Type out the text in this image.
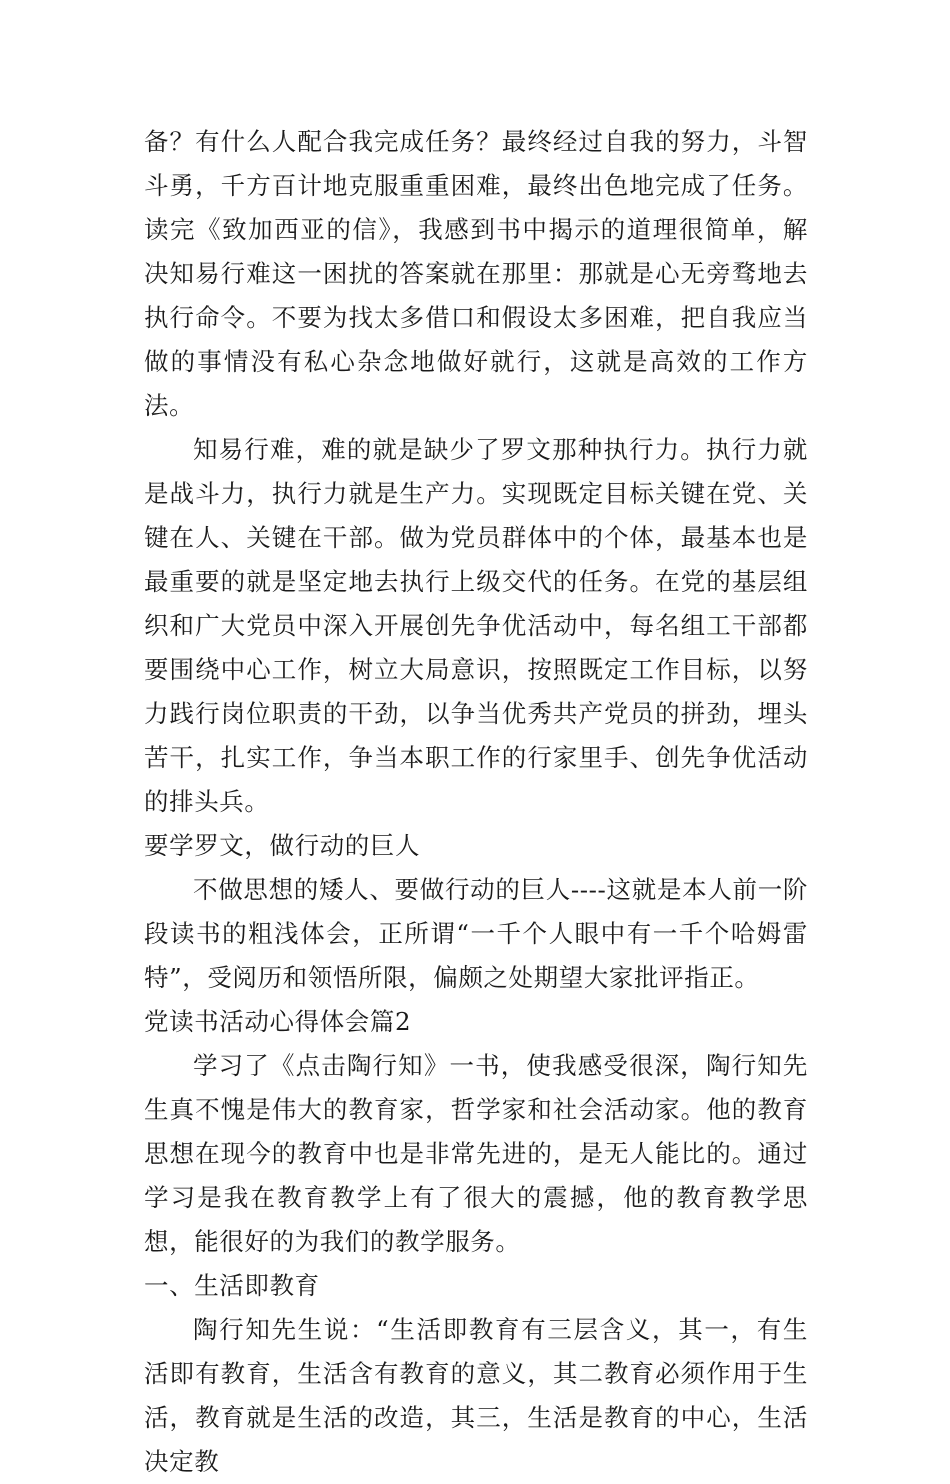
备？有什么人配合我完成任务？最终经过自我的努力，斗智斗勇，千方百计地克服重重困难，最终出色地完成了任务。读完《致加西亚的信》，我感到书中揭示的道理很简单，解决知易行难这一困扰的答案就在那里：那就是心无旁骛地去执行命令。不要为找太多借口和假设太多困难，把自我应当做的事情没有私心杂念地做好就行，这就是高效的工作方法。

知易行难，难的就是缺少了罗文那种执行力。执行力就是战斗力，执行力就是生产力。实现既定目标关键在党、关键在人、关键在干部。做为党员群体中的个体，最基本也是最重要的就是坚定地去执行上级交代的任务。在党的基层组织和广大党员中深入开展创先争优活动中，每名组工干部都要围绕中心工作，树立大局意识，按照既定工作目标，以努力践行岗位职责的干劲，以争当优秀共产党员的拼劲，埋头苦干，扎实工作，争当本职工作的行家里手、创先争优活动的排头兵。

要学罗文，做行动的巨人

不做思想的矮人、要做行动的巨人----这就是本人前一阶段读书的粗浅体会，正所谓“一千个人眼中有一千个哈姆雷特”，受阅历和领悟所限，偏颇之处期望大家批评指正。

党读书活动心得体会篇2

学习了《点击陶行知》一书，使我感受很深，陶行知先生真不愧是伟大的教育家，哲学家和社会活动家。他的教育思想在现今的教育中也是非常先进的，是无人能比的。通过学习是我在教育教学上有了很大的震撼，他的教育教学思想，能很好的为我们的教学服务。

一、生活即教育

陶行知先生说：“生活即教育有三层含义，其一，有生活即有教育，生活含有教育的意义，其二教育必须作用于生活，教育就是生活的改造，其三，生活是教育的中心，生活决定教
